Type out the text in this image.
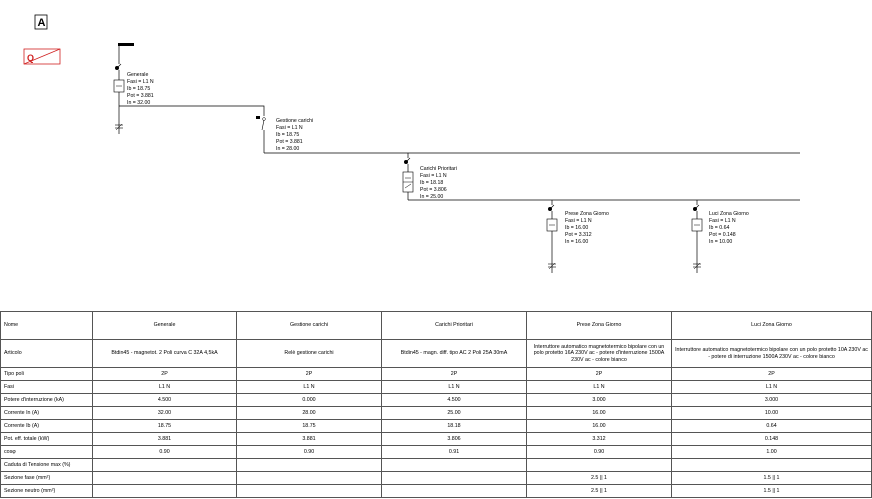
A
Q
Generale
Fasi = L1 N
Ib = 18.75
Pot = 3.881
In = 32.00
Gestione carichi
Fasi = L1 N
Ib = 18.75
Pot = 3.881
In = 28.00
Carichi Prioritari
Fasi = L1 N
Ib = 18.18
Pot = 3.806
In = 25.00
Prese Zona Giorno
Fasi = L1 N
Ib = 16.00
Pot = 3.312
In = 16.00
Luci Zona Giorno
Fasi = L1 N
Ib = 0.64
Pot = 0.148
In = 10.00
Nome	Generale	Gestione carichi	Carichi Prioritari	Prese Zona Giorno	Luci Zona Giorno
Articolo	Btdin45 - magnetot. 2 Poli curva C 32A 4,5kA	Relè gestione carichi	Btdin45 - magn. diff. tipo AC 2 Poli 25A 30mA	Interruttore automatico magnetotermico bipolare con un polo protetto 16A 230V ac - potere d'interruzione 1500A 230V ac - colore bianco	Interruttore automatico magnetotermico bipolare con un polo protetto 10A 230V ac - potere di interruzione 1500A 230V ac - colore bianco
Tipo poli	2P	2P	2P	2P	2P
Fasi	L1 N	L1 N	L1 N	L1 N	L1 N
Potere d'interruzione (kA)	4.500	0.000	4.500	3.000	3.000
Corrente In (A)	32.00	28.00	25.00	16.00	10.00
Corrente Ib (A)	18.75	18.75	18.18	16.00	0.64
Pot. eff. totale (kW)	3.881	3.881	3.806	3.312	0.148
cosφ	0.90	0.90	0.91	0.90	1.00
Caduta di Tensione max (%)					
Sezione fase (mm²)				2.5 || 1	1.5 || 1
Sezione neutro (mm²)				2.5 || 1	1.5 || 1
